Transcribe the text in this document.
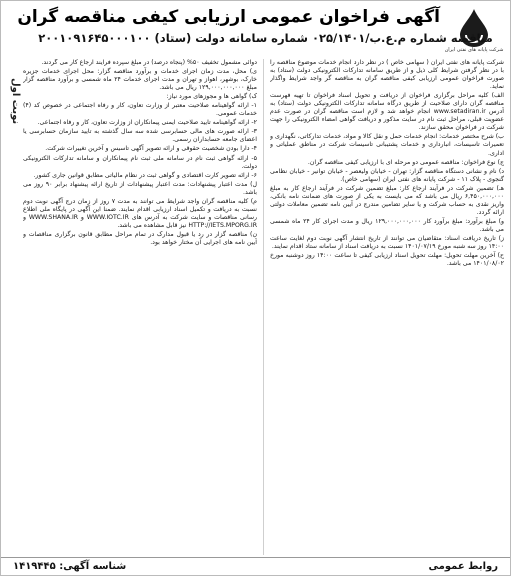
شرکت پایانه های نفتی ایران
آگهی فراخوان عمومی ارزیابی کیفی مناقصه گران
مناقصه شماره م.ع.ب/۰۲۵/۱۴۰۱ شماره سامانه دولت (ستاد) ۲۰۰۱۰۹۱۶۴۵۰۰۰۱۰۰
نوبت اول

شرکت پایانه های نفتی ایران ( سهامی خاص ) در نظر دارد انجام خدمات موضوع مناقصه را با در نظر گرفتن شرایط کلی ذیل و از طریق سامانه تدارکات الکترونیکی دولت (ستاد) به صورت فراخوان عمومی ارزیابی کیفی مناقصه گران به مناقصه گر واجد شرایط واگذار نماید.

الف) کلیه مراحل برگزاری فراخوان از دریافت و تحویل اسناد فراخوان تا تهیه فهرست مناقصه گران دارای صلاحیت از طریق درگاه سامانه تدارکات الکترونیکی دولت (ستاد) به آدرس www.setadiran.ir انجام خواهد شد و لازم است مناقصه گران در صورت عدم عضویت قبلی، مراحل ثبت نام در سایت مذکور و دریافت گواهی امضاء الکترونیکی را جهت شرکت در فراخوان محقق سازند.

ب) شرح مختصر خدمات: انجام خدمات حمل و نقل کالا و مواد، خدمات تدارکاتی، نگهداری و تعمیرات تاسیسات، انبارداری و خدمات پشتیبانی تاسیسات شرکت در مناطق عملیاتی و اداری.

ج) نوع فراخوان: مناقصه عمومی دو مرحله ای با ارزیابی کیفی مناقصه گران.

د) نام و نشانی دستگاه مناقصه گزار: تهران - خیابان ولیعصر - خیابان توانیر - خیابان نظامی گنجوی - پلاک ۱۱ - شرکت پایانه های نفتی ایران (سهامی خاص).

هـ) تضمین شرکت در فرآیند ارجاع کار: مبلغ تضمین شرکت در فرآیند ارجاع کار به مبلغ ۶,۴۵۰,۰۰۰,۰۰۰ ریال می باشد که می بایست به یکی از صورت های ضمانت نامه بانکی، واریز نقدی به حساب شرکت و یا سایر تضامین مندرج در آیین نامه تضمین معاملات دولتی ارائه گردد.

و) مبلغ برآورد: مبلغ برآورد کار ۱۲۹,۰۰۰,۰۰۰,۰۰۰ ریال و مدت اجرای کار ۲۴ ماه شمسی می باشد.

ز) تاریخ دریافت اسناد: متقاضیان می توانند از تاریخ انتشار آگهی نوبت دوم لغایت ساعت ۱۴:۰۰ روز سه شنبه مورخ ۱۴۰۱/۰۷/۱۹ نسبت به دریافت اسناد از سامانه ستاد اقدام نمایند.

ح) آخرین مهلت تحویل: مهلت تحویل اسناد ارزیابی کیفی تا ساعت ۱۴:۰۰ روز دوشنبه مورخ ۱۴۰۱/۰۸/۰۲ می باشد.

دوائی مشمول تخفیف ۵۰% (پنجاه درصد) در مبلغ سپرده فرآیند ارجاع کار می گردند.

ی) محل، مدت زمان اجرای خدمات و برآورد مناقصه گزار: محل اجرای خدمات جزیره خارک، بوشهر، اهواز و تهران و مدت اجرای خدمات ۲۴ ماه شمسی و برآورد مناقصه گزار مبلغ ۱۲۹,۰۰۰,۰۰۰,۰۰۰ ریال می باشد.

ک) گواهی ها و مجوزهای مورد نیاز:

۱- ارائه گواهینامه صلاحیت معتبر از وزارت تعاون، کار و رفاه اجتماعی در خصوص کد (۴) خدمات عمومی.

۲- ارائه گواهینامه تایید صلاحیت ایمنی پیمانکاران از وزارت تعاون، کار و رفاه اجتماعی.

۳- ارائه صورت های مالی حسابرسی شده سه سال گذشته به تایید سازمان حسابرسی یا اعضای جامعه حسابداران رسمی.

۴- دارا بودن شخصیت حقوقی و ارائه تصویر آگهی تاسیس و آخرین تغییرات شرکت.

۵- ارائه گواهی ثبت نام در سامانه ملی ثبت نام پیمانکاران و سامانه تدارکات الکترونیکی دولت.

۶- ارائه تصویر کارت اقتصادی و گواهی ثبت در نظام مالیاتی مطابق قوانین جاری کشور.

ل) مدت اعتبار پیشنهادات: مدت اعتبار پیشنهادات از تاریخ ارائه پیشنهاد برابر ۹۰ روز می باشد.

م) کلیه مناقصه گران واجد شرایط می توانند به مدت ۷ روز از زمان درج آگهی نوبت دوم نسبت به دریافت و تکمیل اسناد ارزیابی اقدام نمایند. ضمنا این آگهی در پایگاه ملی اطلاع رسانی مناقصات و سایت شرکت به آدرس های WWW.IOTC.IR و WWW.SHANA.IR و HTTP://IETS.MPORG.IR نیز قابل مشاهده می باشد.

ن) مناقصه گزار در رد یا قبول مدارک در تمام مراحل مطابق قانون برگزاری مناقصات و آیین نامه های اجرایی آن مختار خواهد بود.

روابط عمومی
شناسه آگهی: ۱۴۱۹۴۴۵
